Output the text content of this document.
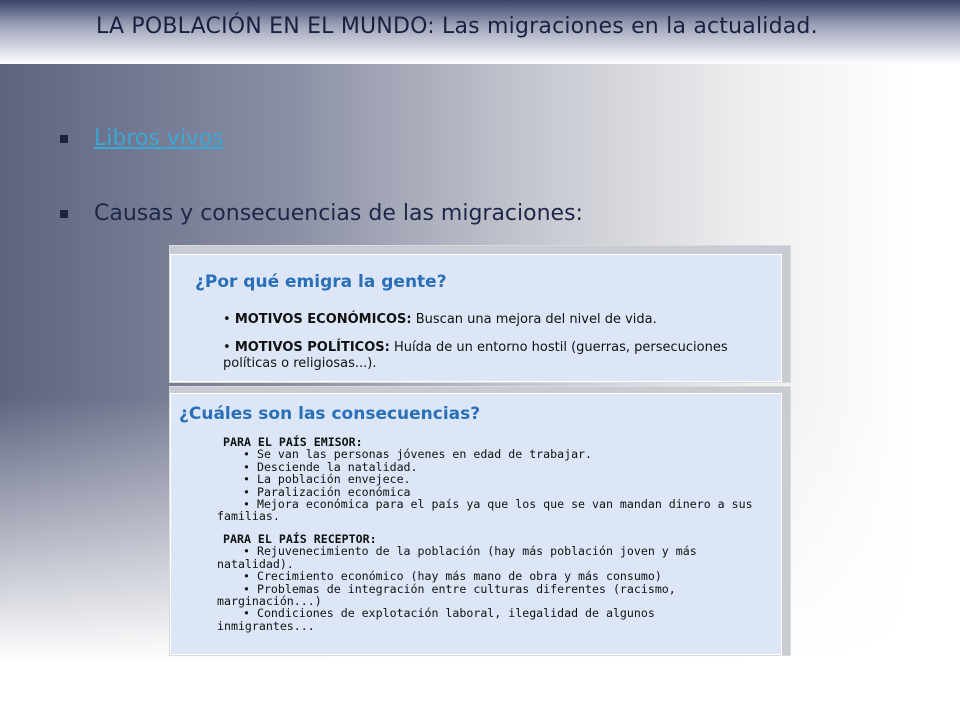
LA POBLACIÓN EN EL MUNDO: Las migraciones en la actualidad.
Libros vivos
Causas y consecuencias de las migraciones:
¿Por qué emigra la gente?
• MOTIVOS ECONÓMICOS: Buscan una mejora del nivel de vida.
• MOTIVOS POLÍTICOS: Huída de un entorno hostil (guerras, persecuciones políticas o religiosas...).
¿Cuáles son las consecuencias?
PARA EL PAÍS EMISOR:
• Se van las personas jóvenes en edad de trabajar.
• Desciende la natalidad.
• La población envejece.
• Paralización económica
• Mejora económica para el país ya que los que se van mandan dinero a sus familias.
PARA EL PAÍS RECEPTOR:
• Rejuvenecimiento de la población (hay más población joven y más natalidad).
• Crecimiento económico (hay más mano de obra y más consumo)
• Problemas de integración entre culturas diferentes (racismo, marginación...)
• Condiciones de explotación laboral, ilegalidad de algunos inmigrantes...
